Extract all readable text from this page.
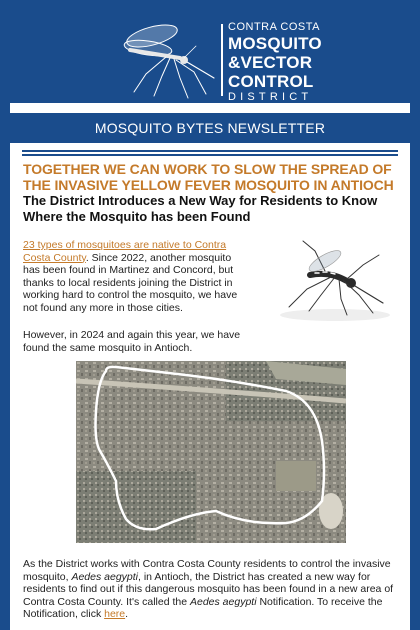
CONTRA COSTA
MOSQUITO
&VECTOR
CONTROL
DISTRICT
MOSQUITO BYTES NEWSLETTER
TOGETHER WE CAN WORK TO SLOW THE SPREAD OF THE INVASIVE YELLOW FEVER MOSQUITO IN ANTIOCH
The District Introduces a New Way for Residents to Know Where the Mosquito has been Found
23 types of mosquitoes are native to Contra Costa County. Since 2022, another mosquito has been found in Martinez and Concord, but thanks to local residents joining the District in working hard to control the mosquito, we have not found any more in those cities.
However, in 2024 and again this year, we have found the same mosquito in Antioch.
As the District works with Contra Costa County residents to control the invasive mosquito, Aedes aegypti, in Antioch, the District has created a new way for residents to find out if this dangerous mosquito has been found in a new area of Contra Costa County. It's called the Aedes aegypti Notification. To receive the Notification, click here.
